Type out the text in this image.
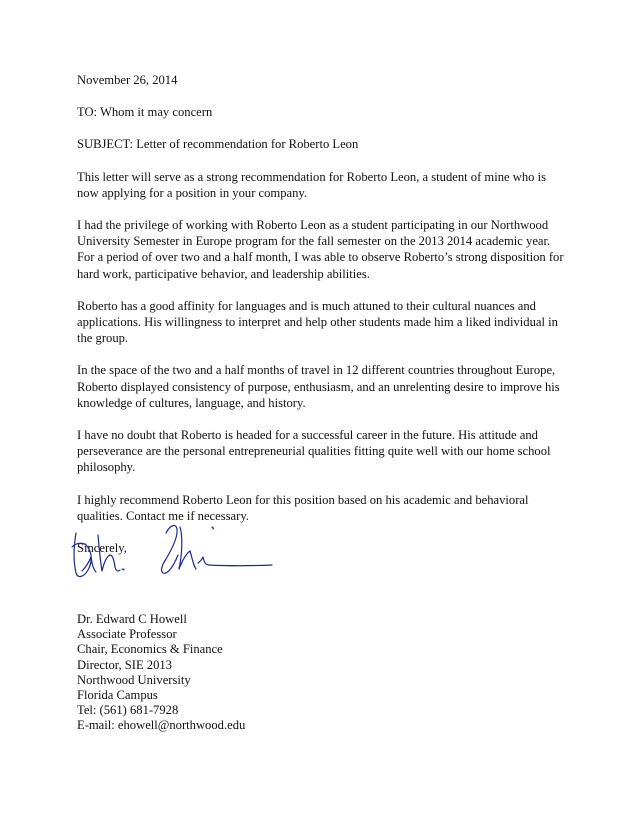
November 26, 2014

TO: Whom it may concern

SUBJECT: Letter of recommendation for Roberto Leon

This letter will serve as a strong recommendation for Roberto Leon, a student of mine who is
now applying for a position in your company.

I had the privilege of working with Roberto Leon as a student participating in our Northwood
University Semester in Europe program for the fall semester on the 2013 2014 academic year.
For a period of over two and a half month, I was able to observe Roberto’s strong disposition for
hard work, participative behavior, and leadership abilities.

Roberto has a good affinity for languages and is much attuned to their cultural nuances and
applications. His willingness to interpret and help other students made him a liked individual in
the group.

In the space of the two and a half months of travel in 12 different countries throughout Europe,
Roberto displayed consistency of purpose, enthusiasm, and an unrelenting desire to improve his
knowledge of cultures, language, and history.

I have no doubt that Roberto is headed for a successful career in the future. His attitude and
perseverance are the personal entrepreneurial qualities fitting quite well with our home school
philosophy.

I highly recommend Roberto Leon for this position based on his academic and behavioral
qualities. Contact me if necessary.

Sincerely,

Dr. Edward C Howell
Associate Professor
Chair, Economics & Finance
Director, SIE 2013
Northwood University
Florida Campus
Tel: (561) 681-7928
E-mail: ehowell@northwood.edu
